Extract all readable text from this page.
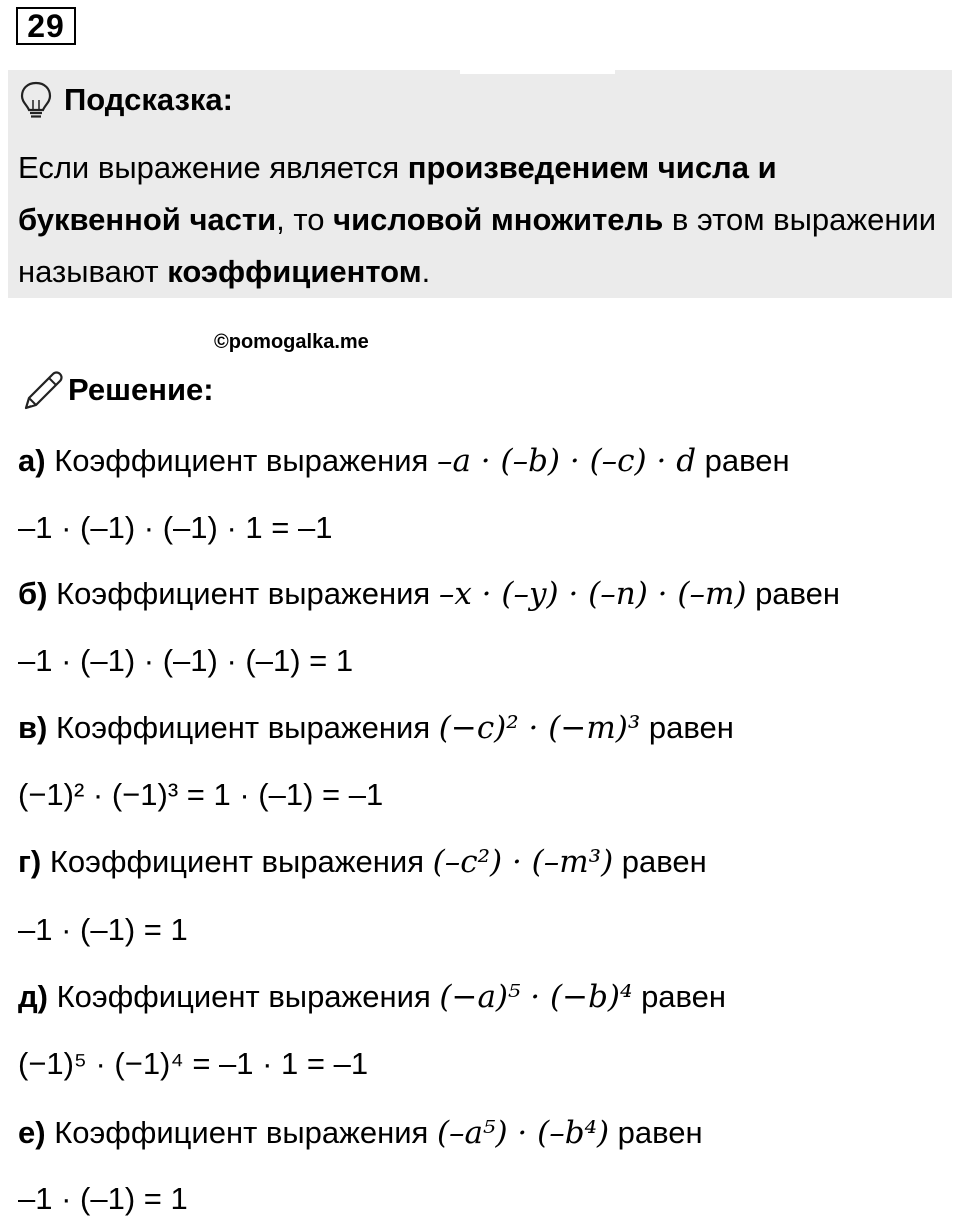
29
Подсказка:
Если выражение является произведением числа и буквенной части, то числовой множитель в этом выражении называют коэффициентом.
©pomogalka.me
Решение:
а) Коэффициент выражения –a · (–b) · (–c) · d равен
–1 · (–1) · (–1) · 1 = –1
б) Коэффициент выражения –x · (–y) · (–n) · (–m) равен
–1 · (–1) · (–1) · (–1) = 1
в) Коэффициент выражения (−c)² · (−m)³ равен
(−1)² · (−1)³ = 1 · (–1) = –1
г) Коэффициент выражения (–c²) · (–m³) равен
–1 · (–1) = 1
д) Коэффициент выражения (−a)⁵ · (−b)⁴ равен
(−1)⁵ · (−1)⁴ = –1 · 1 = –1
е) Коэффициент выражения (–a⁵) · (–b⁴) равен
–1 · (–1) = 1
